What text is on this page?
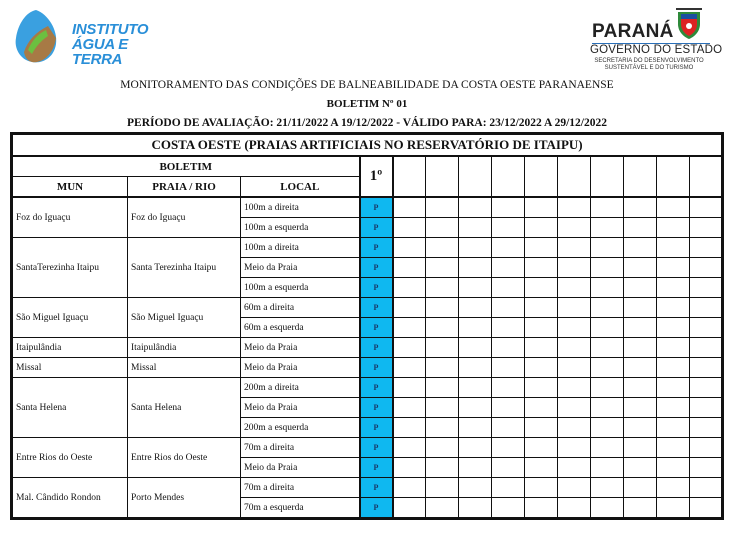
INSTITUTO
ÁGUA E TERRA
PARANÁ
GOVERNO DO ESTADO
SECRETARIA DO DESENVOLVIMENTO
SUSTENTÁVEL E DO TURISMO
MONITORAMENTO DAS CONDIÇÕES DE BALNEABILIDADE DA COSTA OESTE PARANAENSE
BOLETIM Nº 01
PERÍODO DE AVALIAÇÃO: 21/11/2022 A 19/12/2022 - VÁLIDO PARA: 23/12/2022 A 29/12/2022
COSTA OESTE (PRAIAS ARTIFICIAIS NO RESERVATÓRIO DE ITAIPU)													
BOLETIM			1º										
MUN	PRAIA / RIO	LOCAL											
Foz do Iguaçu	Foz do Iguaçu	100m a direita	P										
		100m a esquerda	P										
SantaTerezinha Itaipu	Santa Terezinha Itaipu	100m a direita	P										
		Meio da Praia	P										
		100m a esquerda	P										
São Miguel Iguaçu	São Miguel Iguaçu	60m a direita	P										
		60m a esquerda	P										
Itaipulândia	Itaipulândia	Meio da Praia	P										
Missal	Missal	Meio da Praia	P										
Santa Helena	Santa Helena	200m a direita	P										
		Meio da Praia	P										
		200m a esquerda	P										
Entre Rios do Oeste	Entre Rios do Oeste	70m a direita	P										
		Meio da Praia	P										
Mal. Cândido Rondon	Porto Mendes	70m a direita	P										
		70m a esquerda	P										
